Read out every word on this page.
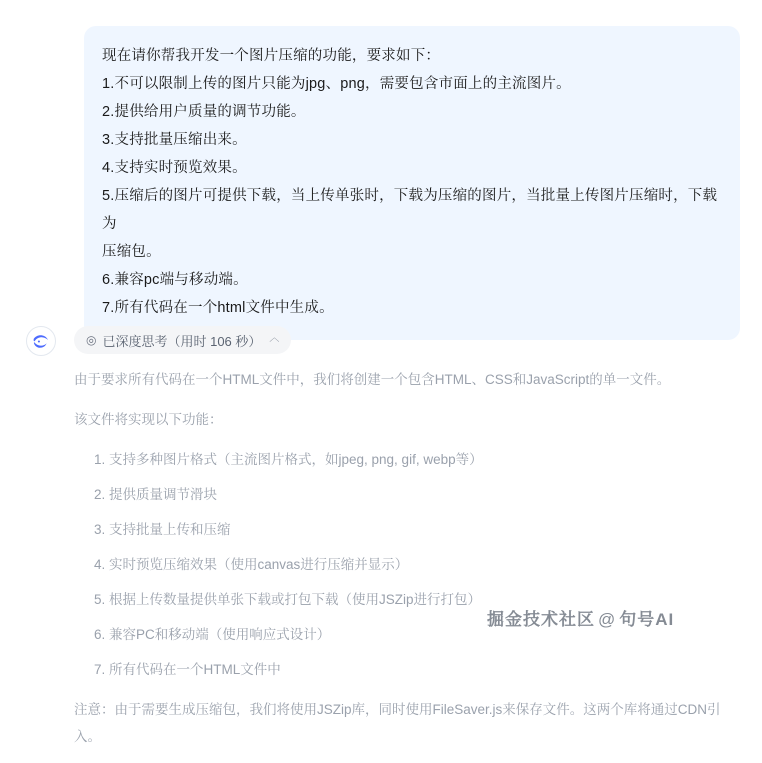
现在请你帮我开发一个图片压缩的功能，要求如下：
1.不可以限制上传的图片只能为jpg、png，需要包含市面上的主流图片。
2.提供给用户质量的调节功能。
3.支持批量压缩出来。
4.支持实时预览效果。
5.压缩后的图片可提供下载，当上传单张时，下载为压缩的图片，当批量上传图片压缩时，下载为
压缩包。
6.兼容pc端与移动端。
7.所有代码在一个html文件中生成。
◎ 已深度思考（用时 106 秒） ︿

由于要求所有代码在一个HTML文件中，我们将创建一个包含HTML、CSS和JavaScript的单一文件。

该文件将实现以下功能：

1. 支持多种图片格式（主流图片格式，如jpeg, png, gif, webp等）
2. 提供质量调节滑块
3. 支持批量上传和压缩
4. 实时预览压缩效果（使用canvas进行压缩并显示）
5. 根据上传数量提供单张下载或打包下载（使用JSZip进行打包）
6. 兼容PC和移动端（使用响应式设计）
7. 所有代码在一个HTML文件中

注意：由于需要生成压缩包，我们将使用JSZip库，同时使用FileSaver.js来保存文件。这两个库将通过CDN引入。

掘金技术社区 @ 句号AI
